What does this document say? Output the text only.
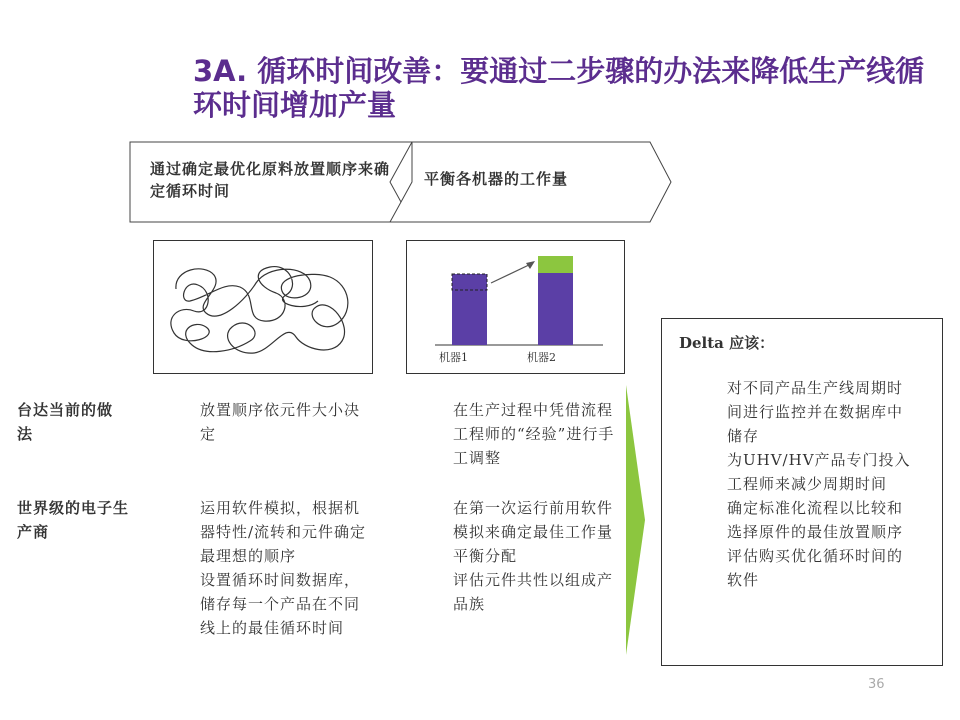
3A. 循环时间改善：要通过二步骤的办法来降低生产线循环时间增加产量
通过确定最优化原料放置顺序来确定循环时间
平衡各机器的工作量
机器1	机器2
台达当前的做法
世界级的电子生产商
放置顺序依元件大小决定
运用软件模拟，根据机器特性/流转和元件确定最理想的顺序
设置循环时间数据库，储存每一个产品在不同线上的最佳循环时间
在生产过程中凭借流程工程师的“经验”进行手工调整
在第一次运行前用软件模拟来确定最佳工作量平衡分配
评估元件共性以组成产品族
Delta 应该：
对不同产品生产线周期时间进行监控并在数据库中储存
为UHV/HV产品专门投入工程师来减少周期时间
确定标准化流程以比较和选择原件的最佳放置顺序
评估购买优化循环时间的软件
36
